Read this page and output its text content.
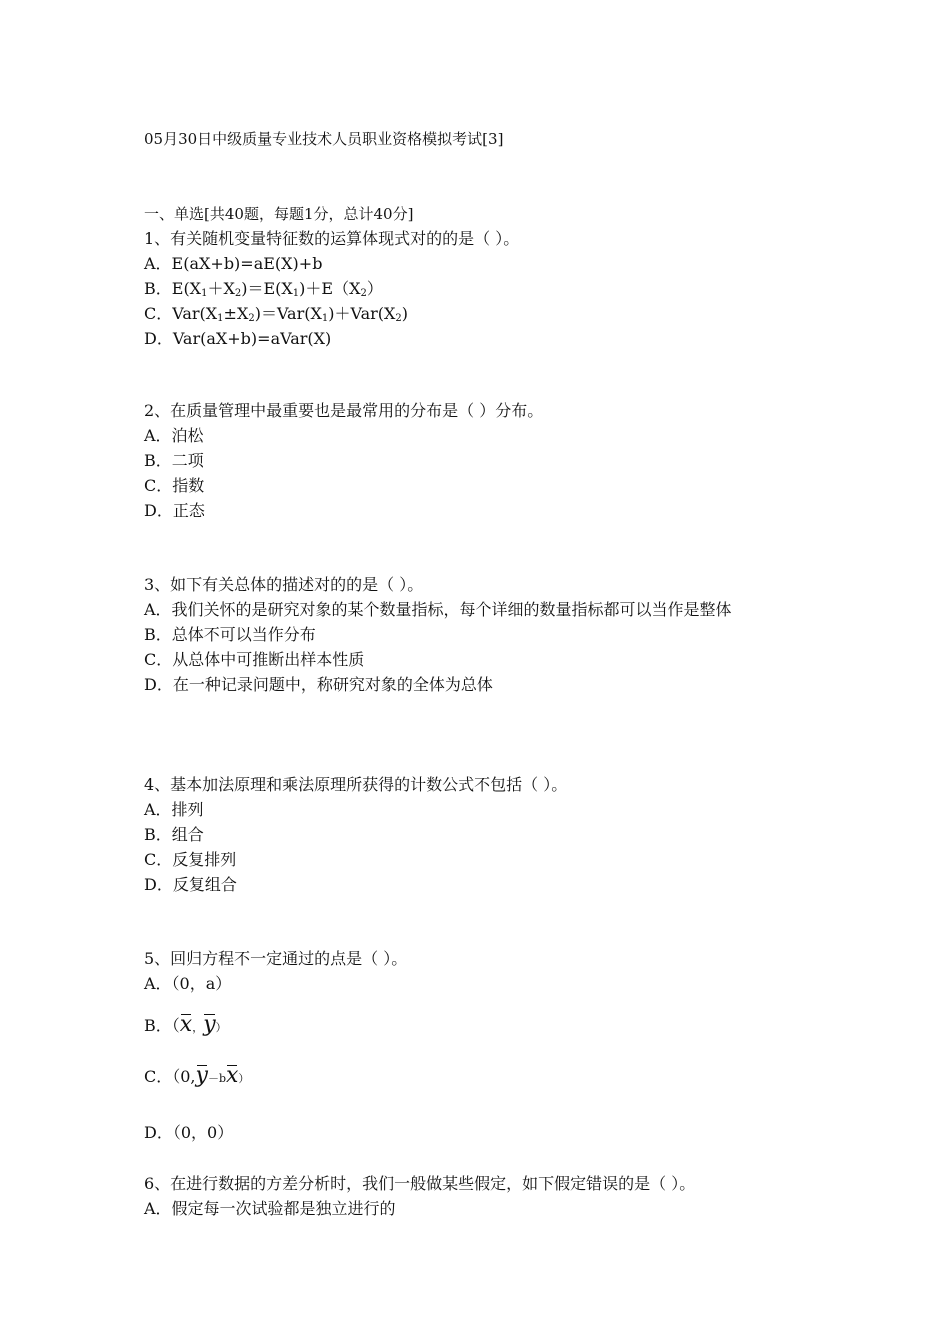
05月30日中级质量专业技术人员职业资格模拟考试[3]
一、单选[共40题，每题1分，总计40分]
1、有关随机变量特征数的运算体现式对的的是（ ）。
A．E(aX+b)=aE(X)+b
B．$E(X_1+X_2)=E(X_1)+E(X_2)$
C．$Var(X_1\pm X_2)=Var(X_1)+Var(X_2)$
D．Var(aX+b)=aVar(X)
2、在质量管理中最重要也是最常用的分布是（ ）分布。
A．泊松
B．二项
C．指数
D．正态
3、如下有关总体的描述对的的是（ ）。
A．我们关怀的是研究对象的某个数量指标，每个详细的数量指标都可以当作是整体
B．总体不可以当作分布
C．从总体中可推断出样本性质
D．在一种记录问题中，称研究对象的全体为总体
4、基本加法原理和乘法原理所获得的计数公式不包括（ ）。
A．排列
B．组合
C．反复排列
D．反复组合
5、回归方程不一定通过的点是（ ）。
A．（0，a）
B．（
x，
y）
C．（0,
y－b
x）
D．（0，0）
6、在进行数据的方差分析时，我们一般做某些假定，如下假定错误的是（ ）。
A．假定每一次试验都是独立进行的
